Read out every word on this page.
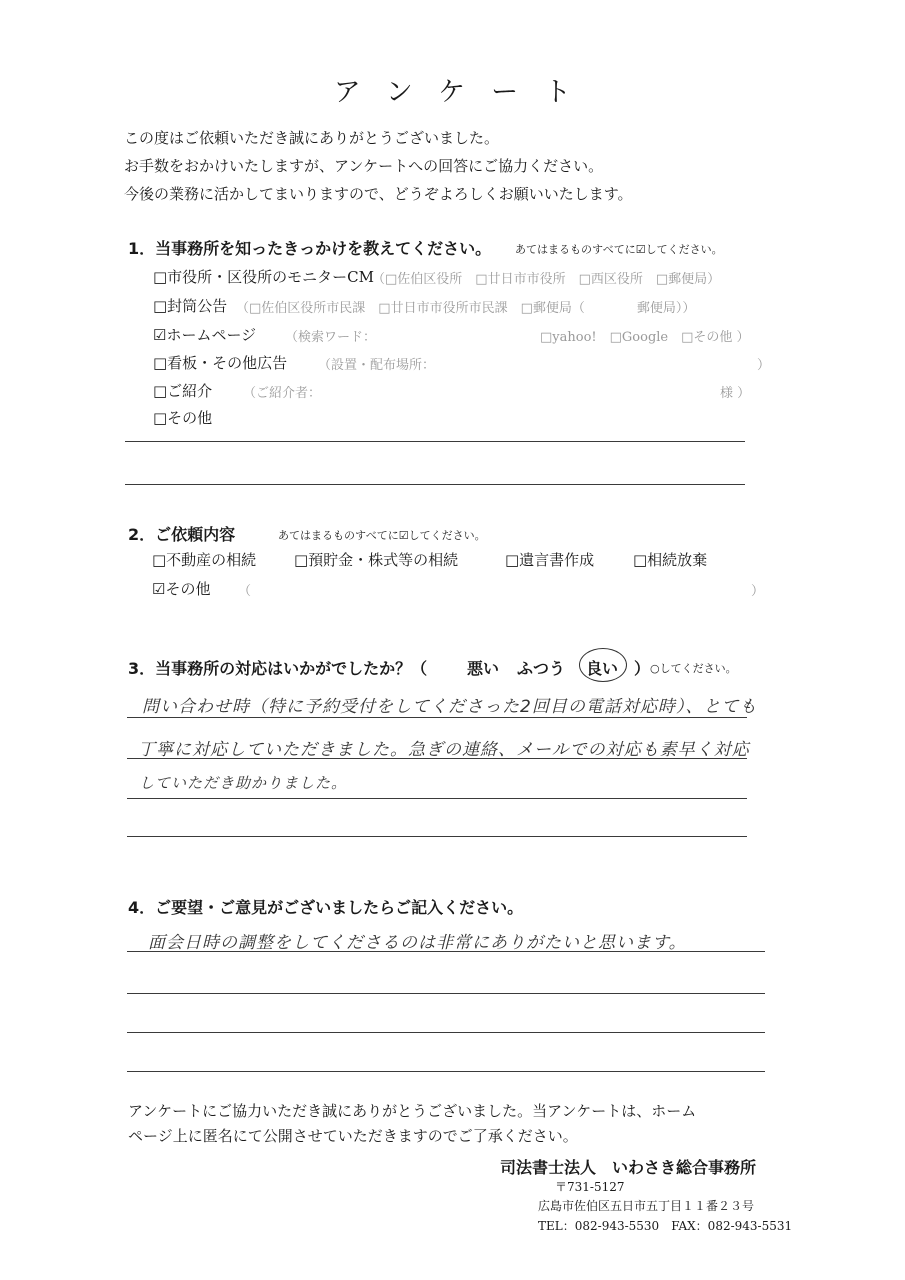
アンケート
この度はご依頼いただき誠にありがとうございました。
お手数をおかけいたしますが、アンケートへの回答にご協力ください。
今後の業務に活かしてまいりますので、どうぞよろしくお願いいたします。
1．当事務所を知ったきっかけを教えてください。 あてはまるものすべてに☑してください。
□市役所・区役所のモニターCM
（□佐伯区役所　□廿日市市役所　□西区役所　□郵便局）
□封筒公告 （□佐伯区役所市民課　□廿日市市役所市民課　□郵便局（　　　　郵便局））
☑ホームページ （検索ワード：	□yahoo!　□Google　□その他 ）
□看板・その他広告 （設置・配布場所：	）
□ご紹介 （ご紹介者：	様 ）
□その他
2．ご依頼内容	あてはまるものすべてに☑してください。
□不動産の相続	□預貯金・株式等の相続	□遺言書作成	□相続放棄
☑その他 （	）
3．当事務所の対応はいかがでしたか？（ 悪い ふつう 良い ） ○してください。
問い合わせ時（特に予約受付をしてくださった2回目の電話対応時）、とても
丁寧に対応していただきました。急ぎの連絡、メールでの対応も素早く対応
していただき助かりました。
4．ご要望・ご意見がございましたらご記入ください。
面会日時の調整をしてくださるのは非常にありがたいと思います。
アンケートにご協力いただき誠にありがとうございました。当アンケートは、ホーム
ページ上に匿名にて公開させていただきますのでご了承ください。
司法書士法人　いわさき総合事務所
〒731-5127
広島市佐伯区五日市五丁目１１番２３号
TEL：082-943-5530　FAX：082-943-5531
